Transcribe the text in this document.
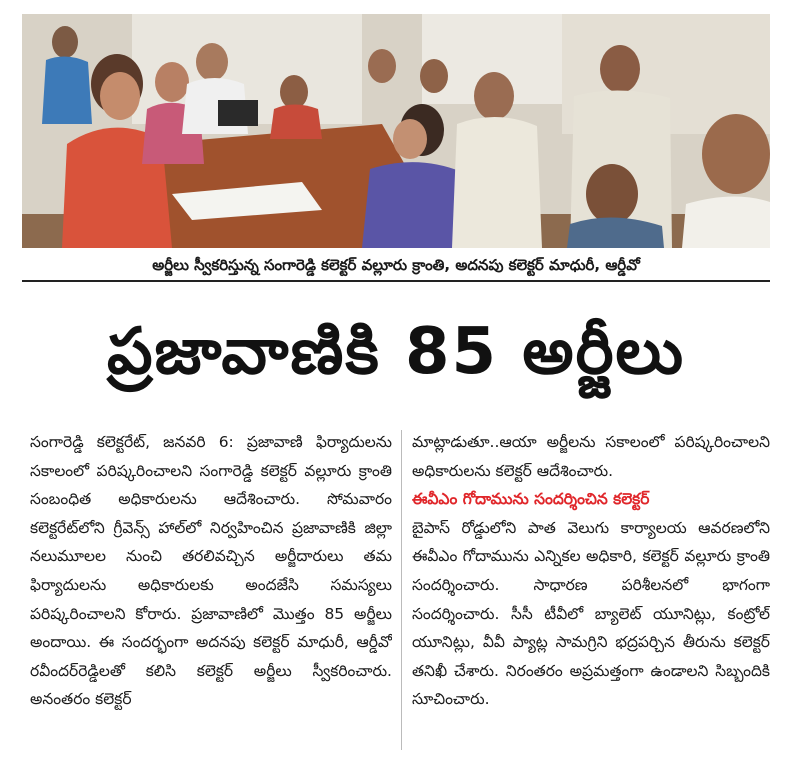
అర్జీలు స్వీకరిస్తున్న సంగారెడ్డి కలెక్టర్ వల్లూరు క్రాంతి, అదనపు కలెక్టర్ మాధురీ, ఆర్డీవో
ప్రజావాణికి 85 అర్జీలు
సంగారెడ్డి కలెక్టరేట్, జనవరి 6: ప్రజావాణి ఫిర్యాదులను సకాలంలో పరిష్కరించాలని సంగారెడ్డి కలెక్టర్ వల్లూరు క్రాంతి సంబంధిత అధికారులను ఆదేశించారు. సోమవారం కలెక్టరేట్‌లోని గ్రీవెన్స్ హాల్‌లో నిర్వహించిన ప్రజావాణికి జిల్లా నలుమూలల నుంచి తరలివచ్చిన అర్జీదారులు తమ ఫిర్యాదులను అధికారులకు అందజేసి సమస్యలు పరిష్కరించాలని కోరారు. ప్రజావాణిలో మొత్తం 85 అర్జీలు అందాయి. ఈ సందర్భంగా అదనపు కలెక్టర్ మాధురీ, ఆర్డీవో రవీందర్‌రెడ్డిలతో కలిసి కలెక్టర్ అర్జీలు స్వీకరించారు. అనంతరం కలెక్టర్
మాట్లాడుతూ..ఆయా అర్జీలను సకాలంలో పరిష్కరించాలని అధికారులను కలెక్టర్ ఆదేశించారు.
ఈవీఎం గోదామును సందర్శించిన కలెక్టర్
బైపాస్ రోడ్డులోని పాత వెలుగు కార్యాలయ ఆవరణలోని ఈవీఎం గోదామును ఎన్నికల అధికారి, కలెక్టర్ వల్లూరు క్రాంతి సందర్శించారు. సాధారణ పరిశీలనలో భాగంగా సందర్శించారు. సీసీ టీవీలో బ్యాలెట్ యూనిట్లు, కంట్రోల్ యూనిట్లు, వీవీ ప్యాట్ల సామగ్రిని భద్రపర్చిన తీరును కలెక్టర్ తనిఖీ చేశారు. నిరంతరం అప్రమత్తంగా ఉండాలని సిబ్బందికి సూచించారు.
